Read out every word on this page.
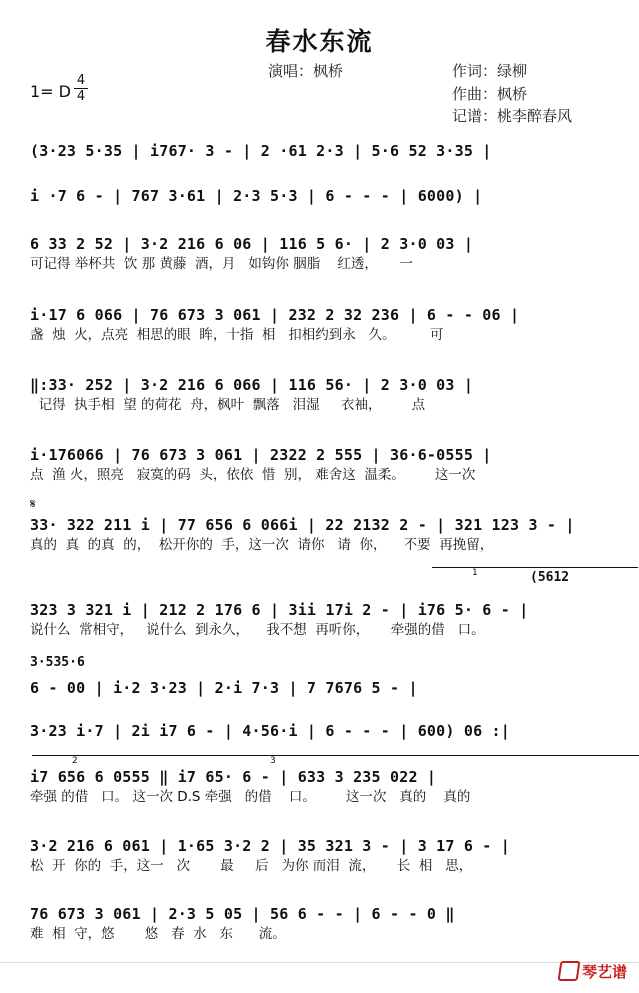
春水东流
演唱：枫桥	作词：绿柳
作曲：枫桥
记谱：桃李醉春风
1= D
4
4
(3·23 5·35 | i767· 3 - | 2 ·61 2·3 | 5·6 52 3·35 |
i ·7 6 - | 767 3·61 | 2·3 5·3 | 6 - - - | 6000) |
6 33 2 52 | 3·2 216 6 06 | 116 5 6· | 2 3·0 03 |
可记得 举杯共  饮 那 黄藤  酒，月   如钩你 胭脂    红透，     一
i·17 6 066 | 76 673 3 061 | 232 2 32 236 | 6 - - 06 |
盏  烛  火，点亮  相思的眼  眸，十指  相   扣相约到永   久。        可
‖:33· 252 | 3·2 216 6 066 | 116 56· | 2 3·0 03 |
记得  执手相  望 的荷花  舟，枫叶  飘落   泪湿     衣袖，       点
i·176066 | 76 673 3 061 | 2322 2 555 | 36·6-0555 |
点  渔 火，照亮   寂寞的码  头，依依  惜  别， 难舍这  温柔。       这一次
𝄋
33· 322 211 i | 77 656 6 066i | 22 2132 2 - | 321 123 3 - |
真的  真  的真  的，  松开你的  手，这一次  请你   请  你，    不要  再挽留，
1	(5612
323 3 321 i | 212 2 176 6 | 3ii 17i 2 - | i76 5· 6 - |
说什么  常相守，   说什么  到永久，    我不想  再听你，     牵强的借   口。
3·535·6
6 - 00 | i·2 3·23 | 2·i 7·3 | 7 7676 5 - |
3·23 i·7 | 2i i7 6 - | 4·56·i | 6 - - - | 600) 06 :|
2	3
i7 656 6 0555 ‖ i7 65· 6 - | 633 3 235 022 |
牵强 的借   口。 这一次 D.S 牵强   的借    口。       这一次   真的    真的
3·2 216 6 061 | 1·65 3·2 2 | 35 321 3 - | 3 17 6 - |
松  开  你的  手，这一   次       最     后   为你 而泪  流，     长  相   思，
76 673 3 061 | 2·3 5 05 | 56 6 - - | 6 - - 0 ‖
难  相  守，悠       悠   春  水   东      流。
琴艺谱
